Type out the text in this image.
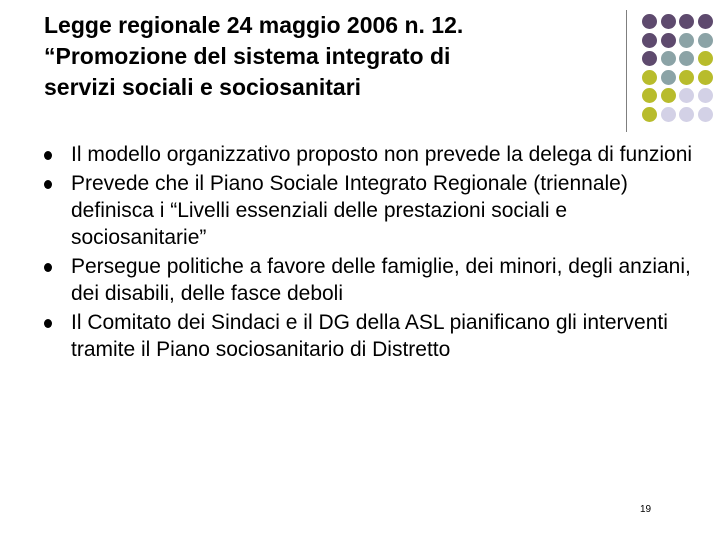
Legge regionale 24 maggio 2006 n. 12.
“Promozione del sistema integrato di
servizi sociali e sociosanitari
Il modello organizzativo proposto non prevede la delega di funzioni
Prevede che il Piano Sociale Integrato Regionale (triennale) definisca i “Livelli essenziali delle prestazioni sociali e sociosanitarie”
Persegue politiche a favore delle famiglie, dei minori, degli anziani, dei disabili, delle fasce deboli
Il Comitato dei Sindaci e il DG della ASL pianificano gli interventi tramite il Piano sociosanitario di Distretto
19
